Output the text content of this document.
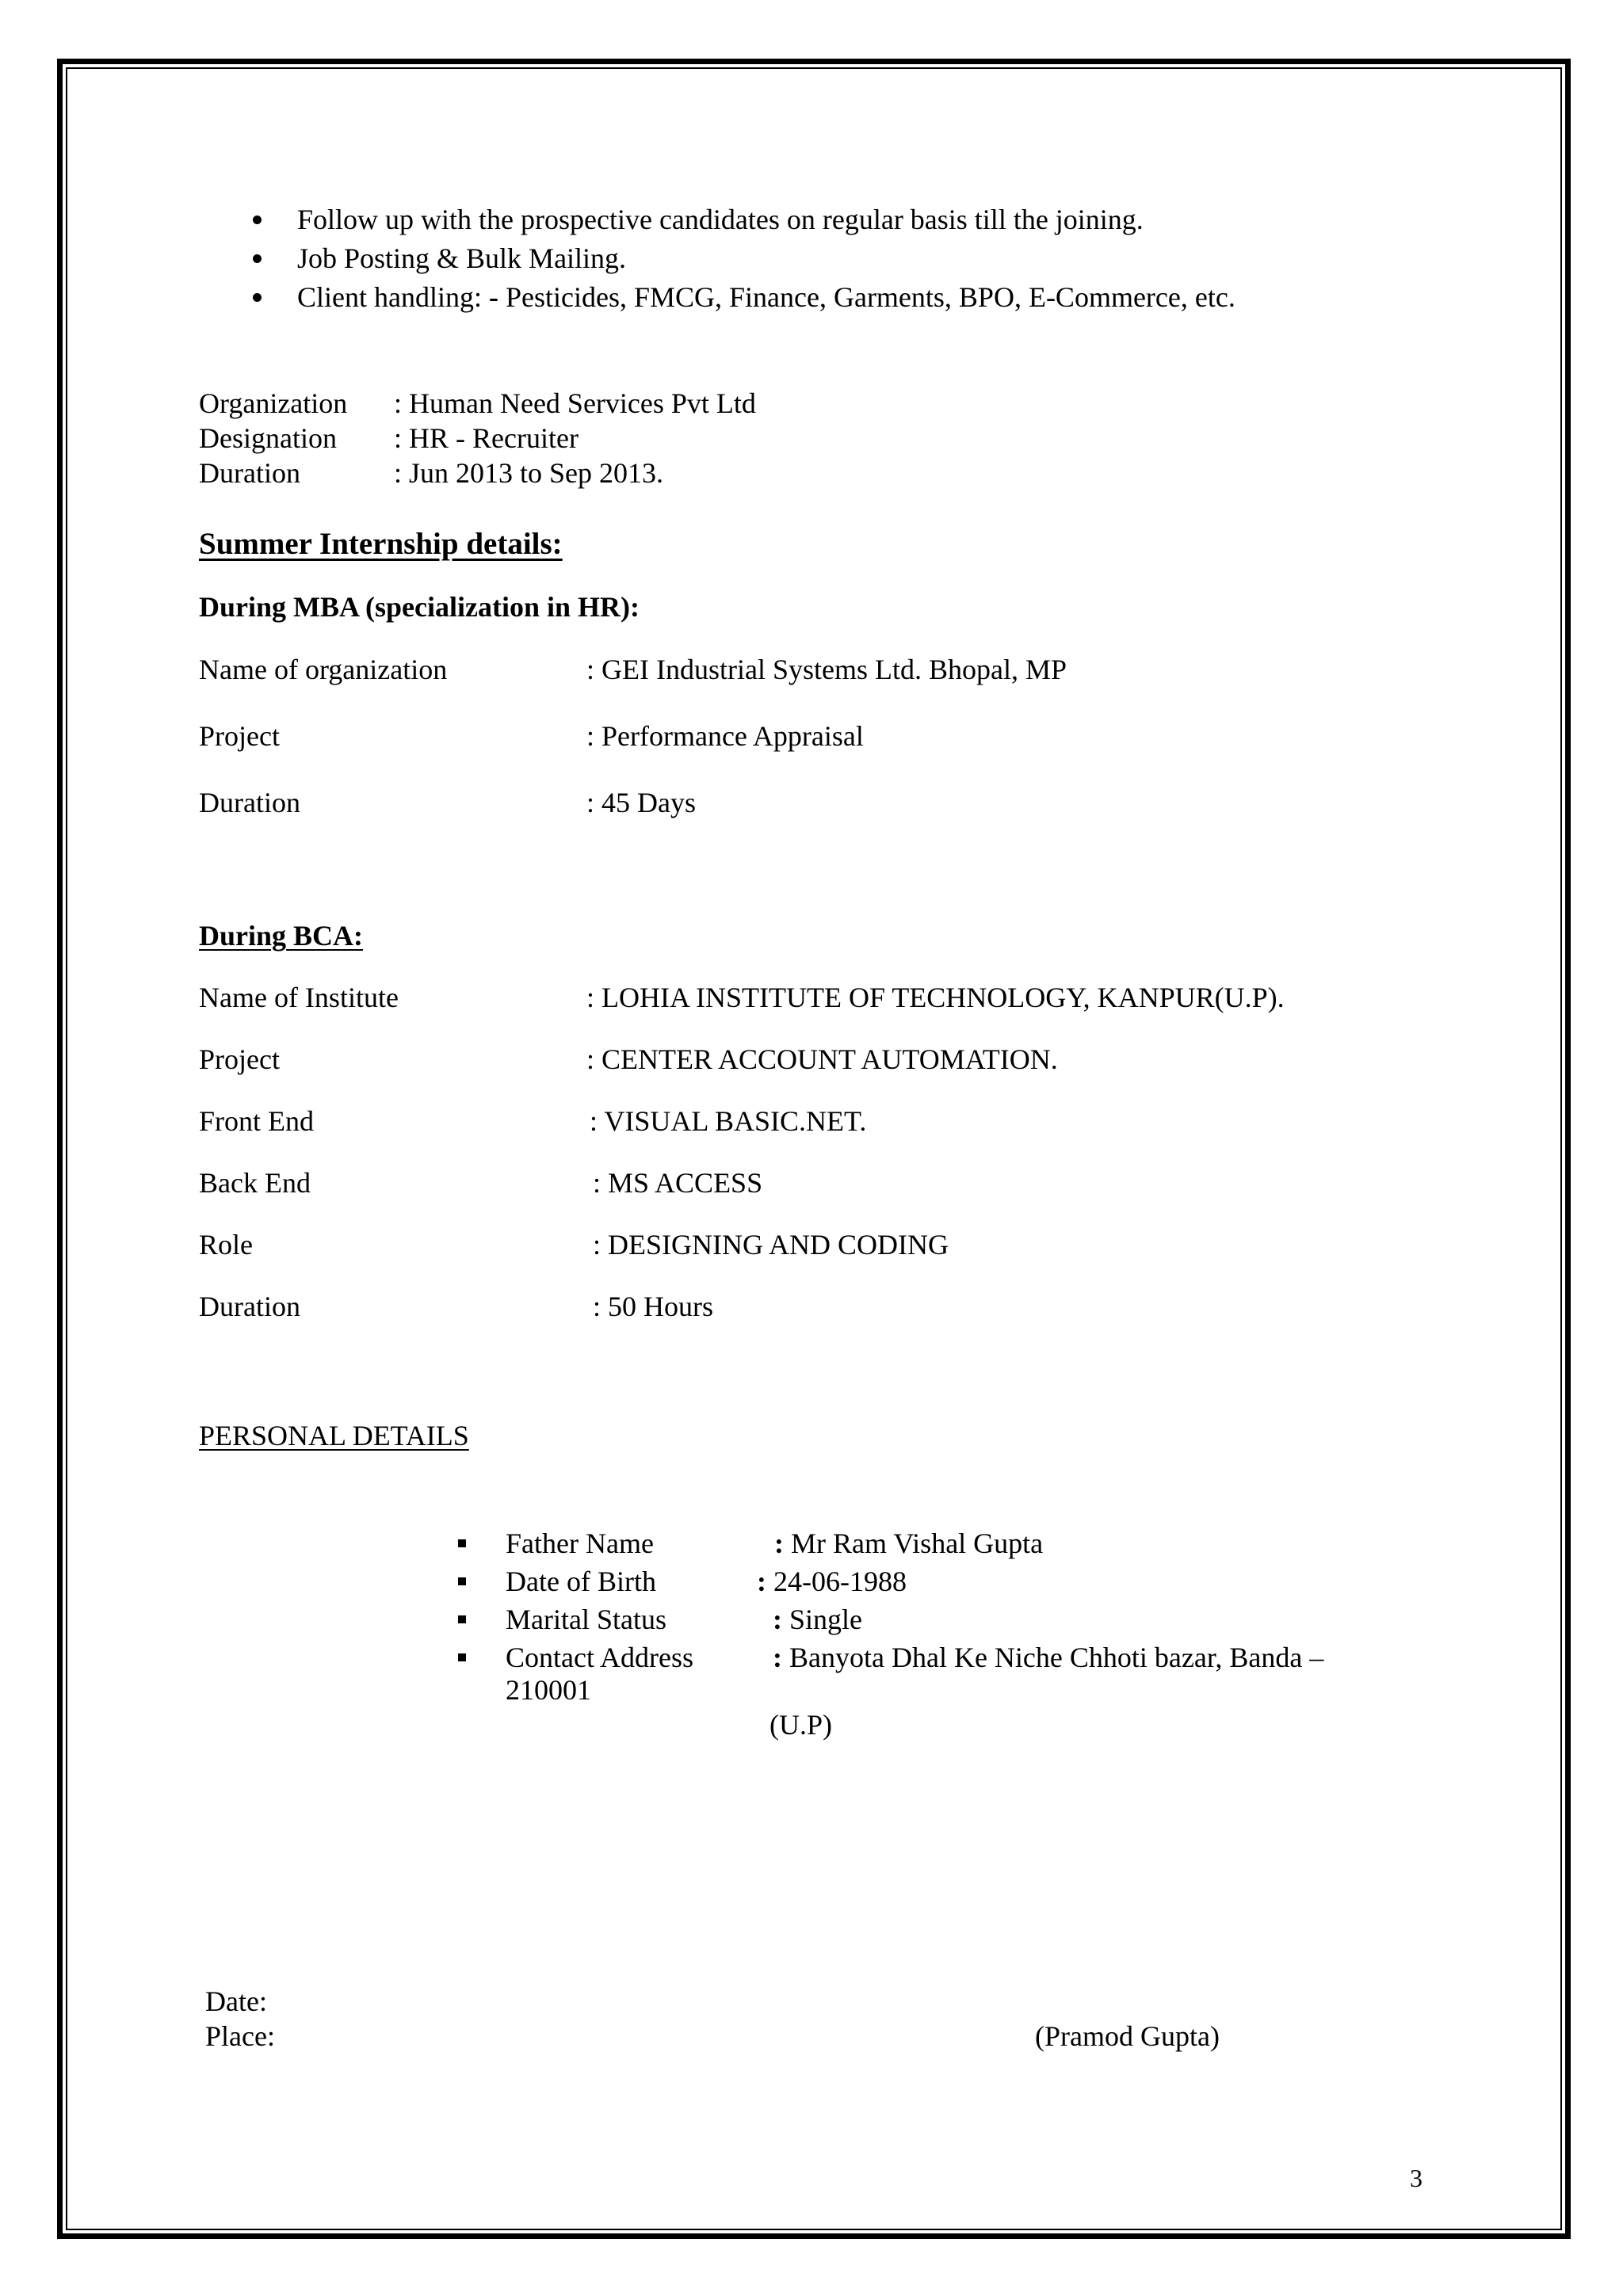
Follow up with the prospective candidates on regular basis till the joining.
Job Posting & Bulk Mailing.
Client handling: - Pesticides, FMCG, Finance, Garments, BPO, E-Commerce, etc.
Organization : Human Need Services Pvt Ltd
Designation : HR - Recruiter
Duration	: Jun 2013 to Sep 2013.
Summer Internship details:
During MBA (specialization in HR):
Name of organization	: GEI Industrial Systems Ltd. Bhopal, MP
Project	: Performance Appraisal
Duration	: 45 Days
During BCA:
Name of Institute	: LOHIA INSTITUTE OF TECHNOLOGY, KANPUR(U.P).
Project	: CENTER ACCOUNT AUTOMATION.
Front End	: VISUAL BASIC.NET.
Back End	: MS ACCESS
Role	: DESIGNING AND CODING
Duration	: 50 Hours
PERSONAL DETAILS
Father Name	: Mr Ram Vishal Gupta
Date of Birth	: 24-06-1988
Marital Status	: Single
Contact Address	: Banyota Dhal Ke Niche Chhoti bazar, Banda –
210001
(U.P)
Date:
Place:	(Pramod Gupta)
3
